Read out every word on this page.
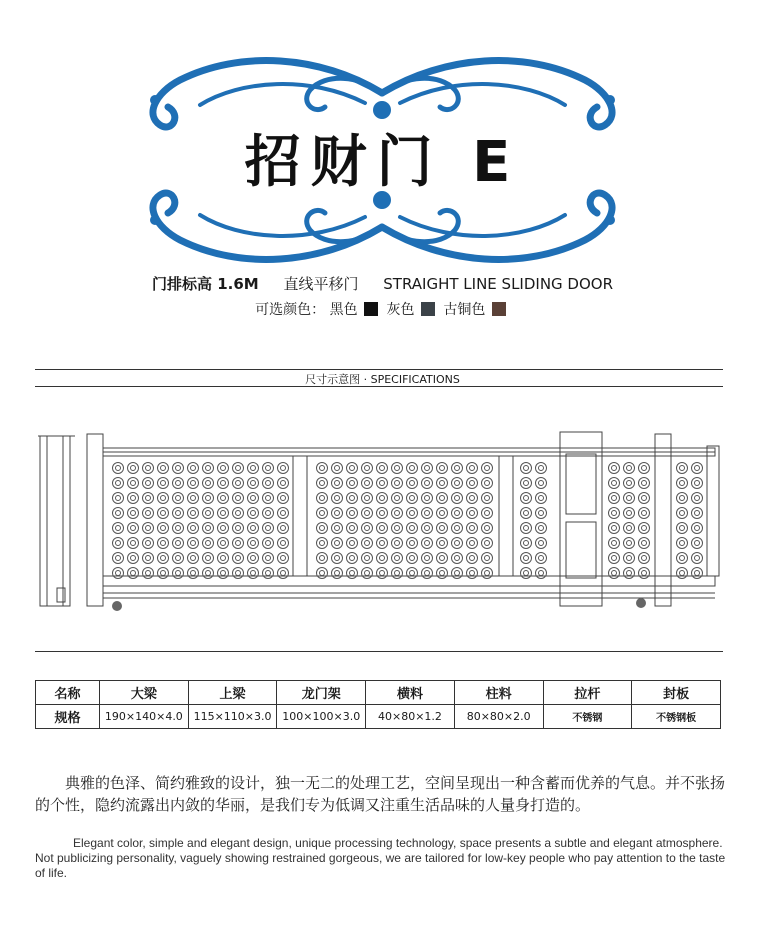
招财门 E
门排标高 1.6M 直线平移门 STRAIGHT LINE SLIDING DOOR
可选颜色： 黑色 灰色 古铜色
尺寸示意图 · SPECIFICATIONS
名称	大梁	上梁	龙门架	横料	柱料	拉杆	封板
规格	190×140×4.0	115×110×3.0	100×100×3.0	40×80×1.2	80×80×2.0	不锈钢	不锈钢板

典雅的色泽、简约雅致的设计，独一无二的处理工艺，空间呈现出一种含蓄而优养的气息。并不张扬的个性，隐约流露出内敛的华丽，是我们专为低调又注重生活品味的人量身打造的。

Elegant color, simple and elegant design, unique processing technology, space presents a subtle and elegant atmosphere. Not publicizing personality, vaguely showing restrained gorgeous, we are tailored for low-key people who pay attention to the taste of life.
